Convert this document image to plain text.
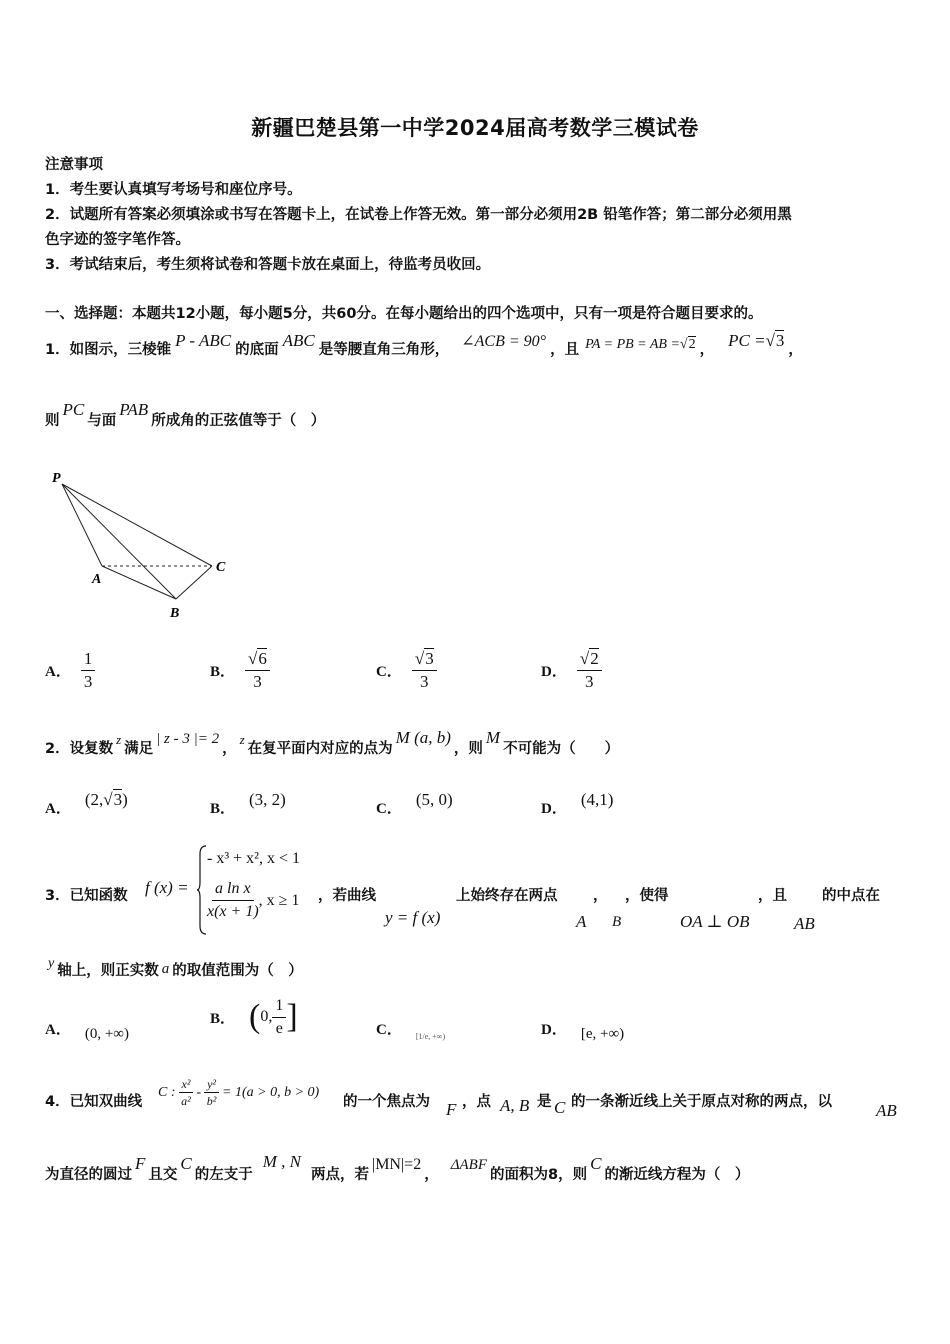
新疆巴楚县第一中学2024届高考数学三模试卷
注意事项
1．考生要认真填写考场号和座位序号。
2．试题所有答案必须填涂或书写在答题卡上，在试卷上作答无效。第一部分必须用2B 铅笔作答；第二部分必须用黑
色字迹的签字笔作答。
3．考试结束后，考生须将试卷和答题卡放在桌面上，待监考员收回。
一、选择题：本题共12小题，每小题5分，共60分。在每小题给出的四个选项中，只有一项是符合题目要求的。
1．如图示，三棱锥 P - ABC 的底面 ABC 是等腰直角三角形， ∠ACB = 90° ，且 PA = PB = AB = √2 ， PC = √3 ，
则
PC
与面
PAB
所成角的正弦值等于（　）
P
A
B
C
A． $\frac{1}{3}$	B． $\frac{√6}{3}$	C． $\frac{√3}{3}$	D． $\frac{√2}{3}$
2．设复数
z
满足
| z - 3 |= 2
，
z
在复平面内对应的点为
M (a, b)
，则
M
不可能为（　　）
A． (2, √3 )	B． (3, 2)	C． (5, 0)	D． (4,1)
3．已知函数 f (x) =
- x³ + x², x < 1
$\frac{\text{a ln x}}{x(x + 1)}$ , x ≥ 1 ，若曲线
y = f (x)
上始终存在两点
A
，
B
，使得
OA ⊥ OB
，且
AB
的中点在
y 轴上，则正实数 a 的取值范围为（　）
A． (0, +∞)
B． ( 0, $\frac{1}{e}$ ]	C． [1/e, +∞)	D． [e, +∞)
4．已知双曲线
C : $\frac{\text{x²}}{\text{a²}} - \frac{\text{y²}}{\text{b²}} = 1(a > 0$, b > 0)
的一个焦点为 F ，点 A, B 是 C 的一条渐近线上关于原点对称的两点，以	AB
为直径的圆过
F
且交
C
的左支于
M , N
两点，若
|MN|=2
，
ΔABF
的面积为8，则
C
的渐近线方程为（　）
